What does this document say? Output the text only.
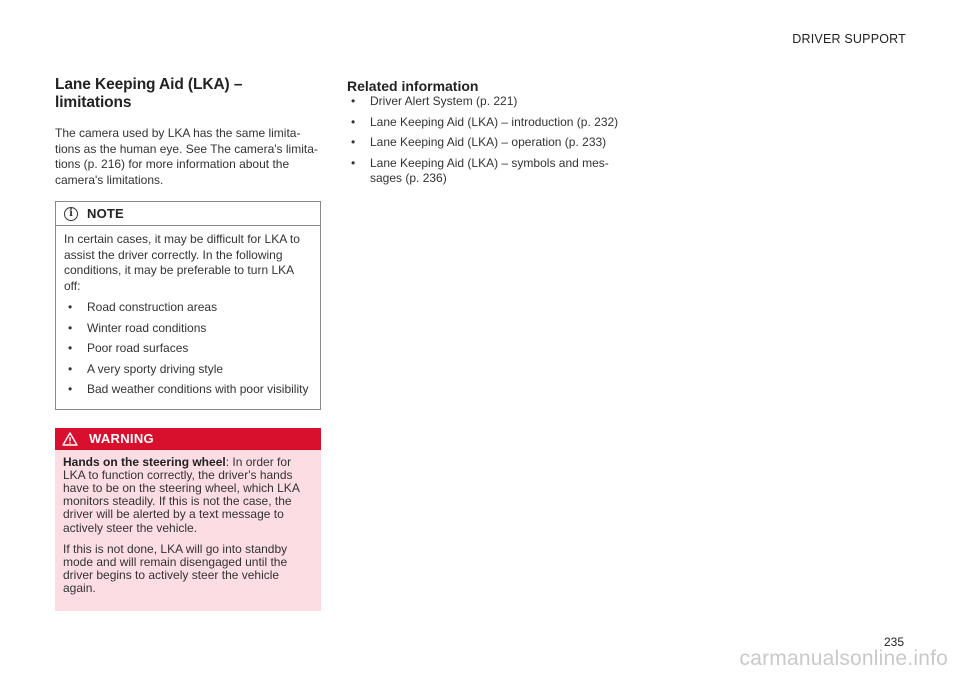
DRIVER SUPPORT
Lane Keeping Aid (LKA) – limitations

The camera used by LKA has the same limita-tions as the human eye. See The camera's limita-tions (p. 216) for more information about the camera's limitations.

i	NOTE

In certain cases, it may be difficult for LKA to assist the driver correctly. In the following conditions, it may be preferable to turn LKA off:

• Road construction areas
• Winter road conditions
• Poor road surfaces
• A very sporty driving style
• Bad weather conditions with poor visibility
WARNING

Hands on the steering wheel: In order for LKA to function correctly, the driver's hands have to be on the steering wheel, which LKA monitors steadily. If this is not the case, the driver will be alerted by a text message to actively steer the vehicle.

If this is not done, LKA will go into standby mode and will remain disengaged until the driver begins to actively steer the vehicle again.

Related information
• Driver Alert System (p. 221)
• Lane Keeping Aid (LKA) – introduction (p. 232)
• Lane Keeping Aid (LKA) – operation (p. 233)
• Lane Keeping Aid (LKA) – symbols and mes-sages (p. 236)
235
carmanualsonline.info
